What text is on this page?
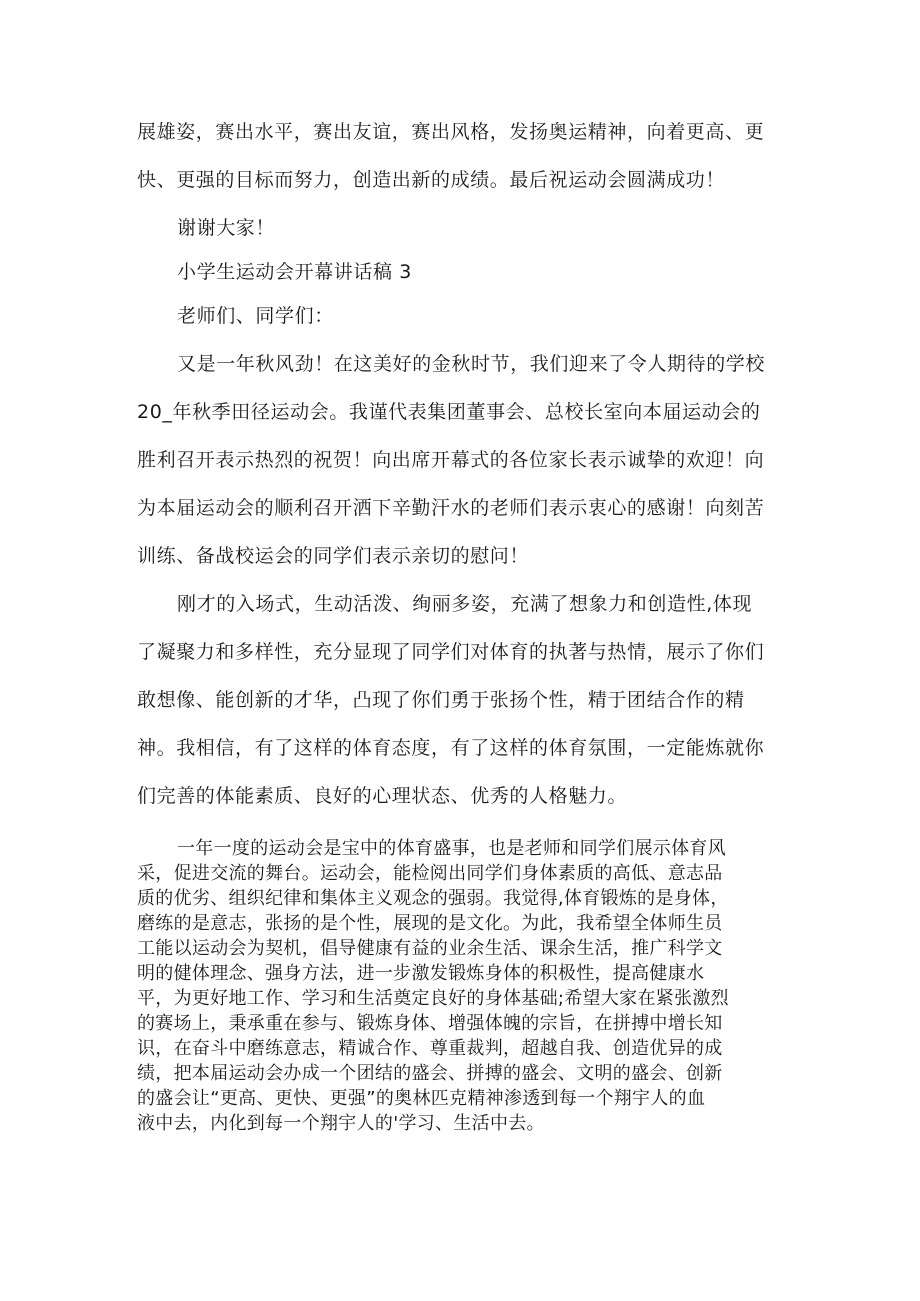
展雄姿，赛出水平，赛出友谊，赛出风格，发扬奥运精神，向着更高、更
快、更强的目标而努力，创造出新的成绩。最后祝运动会圆满成功！
谢谢大家！
小学生运动会开幕讲话稿 3
老师们、同学们：
又是一年秋风劲！在这美好的金秋时节，我们迎来了令人期待的学校
20_年秋季田径运动会。我谨代表集团董事会、总校长室向本届运动会的
胜利召开表示热烈的祝贺！向出席开幕式的各位家长表示诚挚的欢迎！向
为本届运动会的顺利召开洒下辛勤汗水的老师们表示衷心的感谢！向刻苦
训练、备战校运会的同学们表示亲切的慰问！
刚才的入场式，生动活泼、绚丽多姿，充满了想象力和创造性,体现
了凝聚力和多样性，充分显现了同学们对体育的执著与热情，展示了你们
敢想像、能创新的才华，凸现了你们勇于张扬个性，精于团结合作的精
神。我相信，有了这样的体育态度，有了这样的体育氛围，一定能炼就你
们完善的体能素质、良好的心理状态、优秀的人格魅力。
一年一度的运动会是宝中的体育盛事，也是老师和同学们展示体育风
采，促进交流的舞台。运动会，能检阅出同学们身体素质的高低、意志品
质的优劣、组织纪律和集体主义观念的强弱。我觉得,体育锻炼的是身体，
磨练的是意志，张扬的是个性，展现的是文化。为此，我希望全体师生员
工能以运动会为契机，倡导健康有益的业余生活、课余生活，推广科学文
明的健体理念、强身方法，进一步激发锻炼身体的积极性，提高健康水
平，为更好地工作、学习和生活奠定良好的身体基础;希望大家在紧张激烈
的赛场上，秉承重在参与、锻炼身体、增强体魄的宗旨，在拼搏中增长知
识，在奋斗中磨练意志，精诚合作、尊重裁判，超越自我、创造优异的成
绩，把本届运动会办成一个团结的盛会、拼搏的盛会、文明的盛会、创新
的盛会让“更高、更快、更强”的奥林匹克精神渗透到每一个翔宇人的血
液中去，内化到每一个翔宇人的'学习、生活中去。
